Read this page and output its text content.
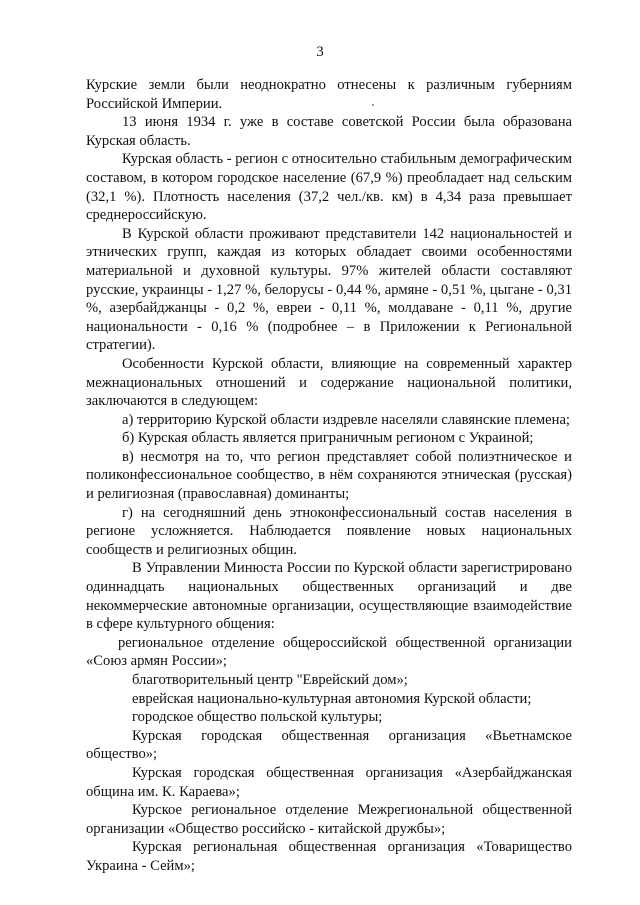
3

Курские земли были неоднократно отнесены к различным губерниям Российской Империи.

13 июня 1934 г. уже в составе советской России была образована Курская область.

Курская область - регион с относительно стабильным демографическим составом, в котором городское население (67,9 %) преобладает над сельским (32,1 %). Плотность населения (37,2 чел./кв. км) в 4,34 раза превышает среднероссийскую.

В Курской области проживают представители 142 национальностей и этнических групп, каждая из которых обладает своими особенностями материальной и духовной культуры. 97% жителей области составляют русские, украинцы - 1,27 %, белорусы - 0,44 %, армяне - 0,51 %, цыгане - 0,31 %, азербайджанцы - 0,2 %, евреи - 0,11 %, молдаване - 0,11 %, другие национальности - 0,16 % (подробнее – в Приложении к Региональной стратегии).

Особенности Курской области, влияющие на современный характер межнациональных отношений и содержание национальной политики, заключаются в следующем:

а) территорию Курской области издревле населяли славянские племена;

б) Курская область является приграничным регионом с Украиной;

в) несмотря на то, что регион представляет собой полиэтническое и поликонфессиональное сообщество, в нём сохраняются этническая (русская) и религиозная (православная) доминанты;

г) на сегодняшний день этноконфессиональный состав населения в регионе усложняется. Наблюдается появление новых национальных сообществ и религиозных общин.

В Управлении Минюста России по Курской области зарегистрировано одиннадцать национальных общественных организаций и две некоммерческие автономные организации, осуществляющие взаимодействие в сфере культурного общения:

региональное отделение общероссийской общественной организации «Союз армян России»;

благотворительный центр "Еврейский дом»;

еврейская национально-культурная автономия Курской области;

городское общество польской культуры;

Курская городская общественная организация «Вьетнамское общество»;

Курская городская общественная организация «Азербайджанская община им. К. Караева»;

Курское региональное отделение Межрегиональной общественной организации «Общество российско - китайской дружбы»;

Курская региональная общественная организация «Товарищество Украина - Сейм»;
